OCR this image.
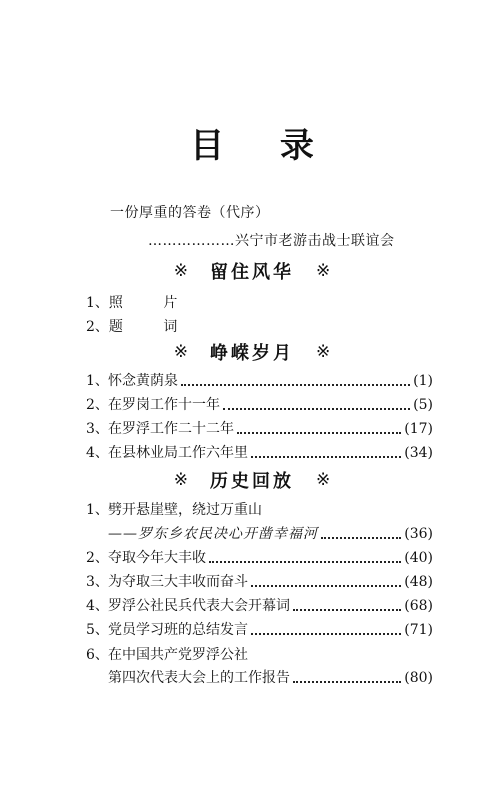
目 录
一份厚重的答卷（代序）
………………兴宁市老游击战士联谊会
※ 留住风华 ※
1、照 片
2、题 词
※ 峥嵘岁月 ※
1、 怀念黄荫泉	(1)
2、 在罗岗工作十一年	(5)
3、 在罗浮工作二十二年	(17)
4、 在县林业局工作六年里	(34)
※ 历史回放 ※
1、 劈开悬崖壁，绕过万重山
——罗东乡农民决心开凿幸福河	(36)
2、 夺取今年大丰收	(40)
3、 为夺取三大丰收而奋斗	(48)
4、 罗浮公社民兵代表大会开幕词	(68)
5、 党员学习班的总结发言	(71)
6、 在中国共产党罗浮公社
第四次代表大会上的工作报告	(80)
